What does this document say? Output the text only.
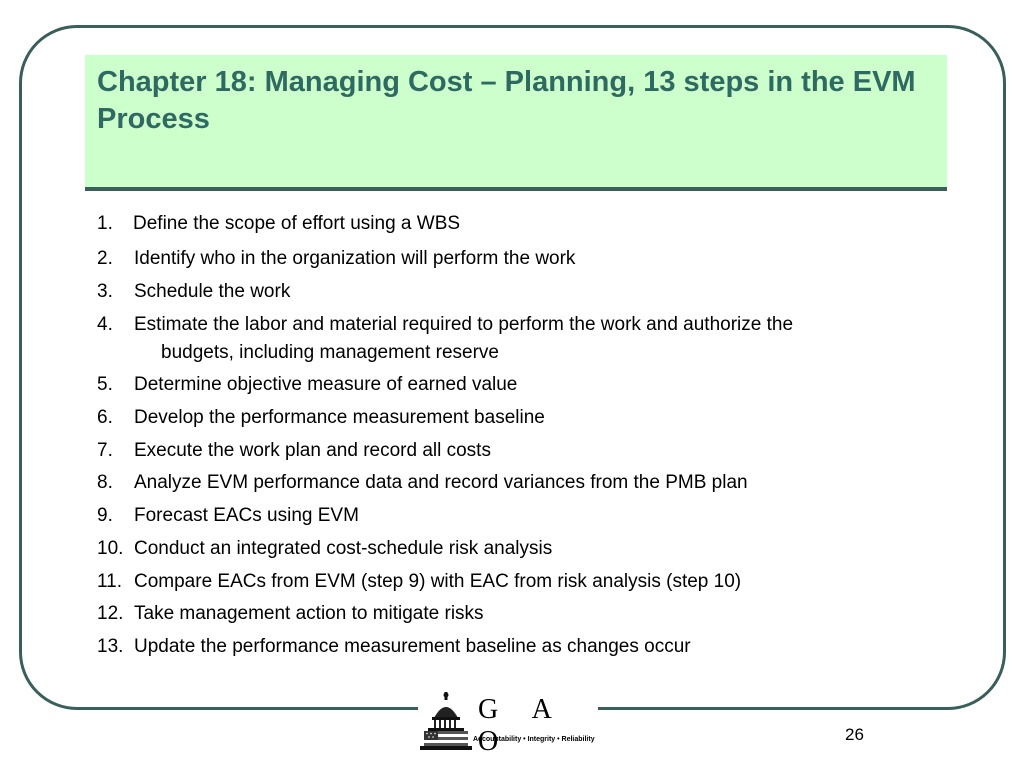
Chapter 18: Managing Cost – Planning, 13 steps in the EVM Process
1. Define the scope of effort using a WBS
2. Identify who in the organization will perform the work
3. Schedule the work
4. Estimate the labor and material required to perform the work and authorize the
budgets, including management reserve
5. Determine objective measure of earned value
6. Develop the performance measurement baseline
7. Execute the work plan and record all costs
8. Analyze EVM performance data and record variances from the PMB plan
9. Forecast EACs using EVM
10. Conduct an integrated cost-schedule risk analysis
11. Compare EACs from EVM (step 9) with EAC from risk analysis (step 10)
12. Take management action to mitigate risks
13. Update the performance measurement baseline as changes occur
G A O
Accountability • Integrity • Reliability	26
